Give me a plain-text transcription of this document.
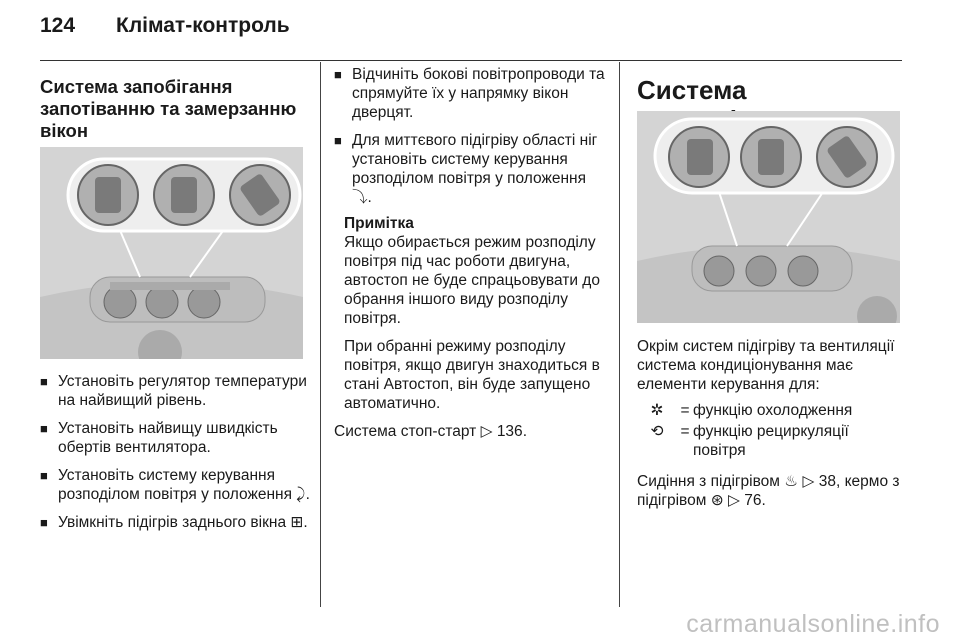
124 Клімат-контроль
Система запобігання
запотіванню та замерзанню
вікон
■ Установіть регулятор температури на найвищий рівень.
■ Установіть найвищу швидкість обертів вентилятора.
■ Установіть систему керування розподілом повітря у положення ⤸.
■ Увімкніть підігрів заднього вікна ⊞.
■ Відчиніть бокові повітропроводи та спрямуйте їх у напрямку вікон дверцят.
■ Для миттєвого підігріву області ніг установіть систему керування розподілом повітря у положення ⤵.
Примітка

Якщо обирається режим розподілу повітря під час роботи двигуна, автостоп не буде спрацьовувати до обрання іншого виду розподілу повітря.

При обранні режиму розподілу повітря, якщо двигун знаходиться в стані Автостоп, він буде запущено автоматично.

Система стоп-старт ▷ 136.
Система

Окрім систем підігріву та вентиляції система кондиціонування має елементи керування для:

✲	= функцію охолодження
⟲	= функцію рециркуляції повітря

Сидіння з підігрівом ♨ ▷ 38, кермо з підігрівом ⊛ ▷ 76.

carmanualsonline.info
